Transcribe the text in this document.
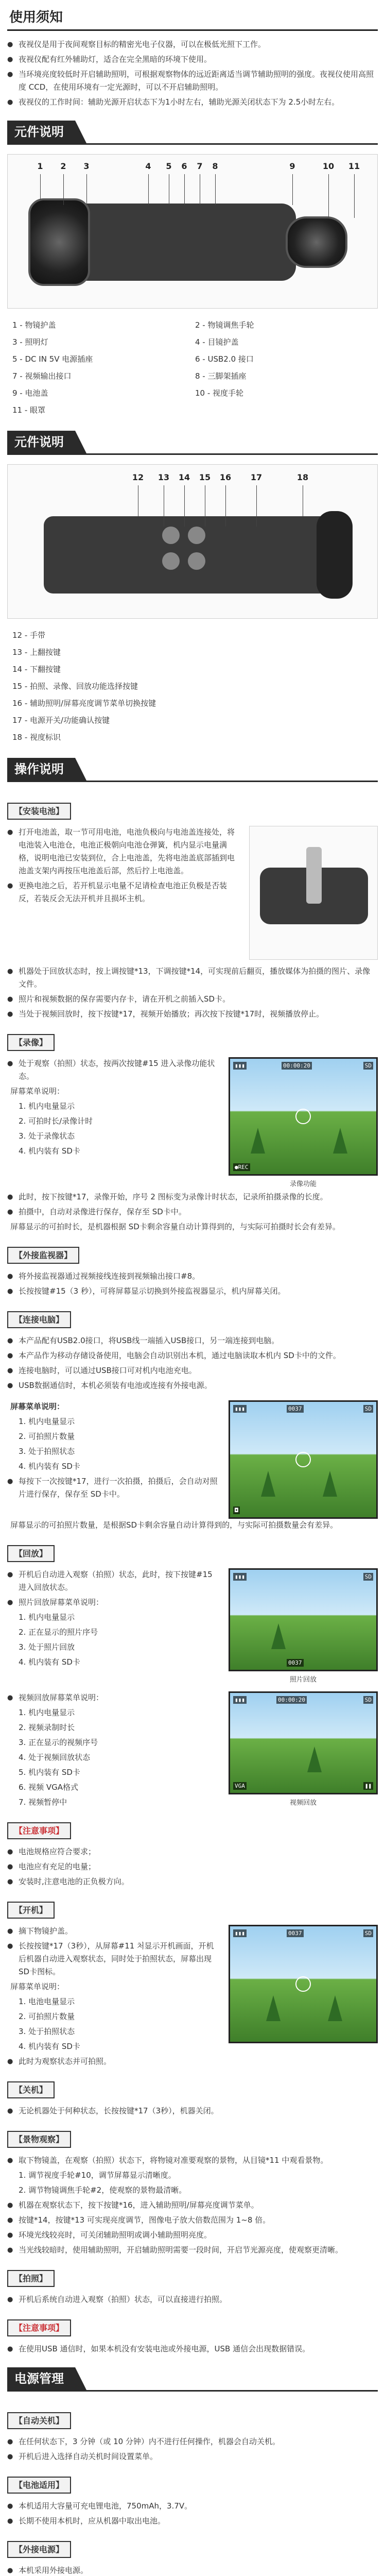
使用须知
● 夜视仪是用于夜间观察目标的精密光电子仪器，可以在极低光照下工作。
● 夜视仪配有红外辅助灯，适合在完全黑暗的环境下使用。
● 当环境亮度较低时开启辅助照明，可根据观察物体的远近距离适当调节辅助照明的强度。夜视仪使用高照度 CCD，在使用环境有一定光源时，可以不开启辅助照明。
● 夜视仪的工作时间：辅助光源开启状态下为1小时左右，辅助光源关闭状态下为 2.5小时左右。
元件说明
1	2	3	4	5	6	7	8	9	10 11
1 - 物镜护盖	2 - 物镜调焦手轮
3 - 照明灯	4 - 目镜护盖
5 - DC IN 5V 电源插座	6 - USB2.0 接口
7 - 视频输出接口	8 - 三脚架插座
9 - 电池盖	10 - 视度手轮
11 - 眼罩
元件说明
12 13 14 15 16 17	18
12 - 手带
13 - 上翻按键
14 - 下翻按键
15 - 拍照、录像、回放功能选择按键
16 - 辅助照明/屏幕亮度调节菜单切换按键
17 - 电源开关/功能确认按键
18 - 视度标识
操作说明
【安装电池】
● 打开电池盖，取一节可用电池，电池负极向与电池盖连接处，将电池装入电池仓，电池正极朝向电池仓弹簧，机内显示电量满格，说明电池已安装到位，合上电池盖，先将电池盖底部插到电池盖支架内再按压电池盖后部，然后拧上电池盖。
● 更换电池之后，若开机显示电量不足请检查电池正负极是否装反，若装反会无法开机并且损坏主机。
● 机器处于回放状态时，按上调按键*13，下调按键*14，可实现前后翻页，播放媒体为拍摄的图片、录像文件。
● 照片和视频数据的保存需要内存卡，请在开机之前插入SD卡。
● 当处于视频回放时，按下按键*17，视频开始播放；再次按下按键*17时，视频播放停止。
【录像】
● 处于观察（拍照）状态，按两次按键#15 进入录像功能状态。
屏幕菜单说明：
1. 机内电量显示
2. 可拍时长/录像计时
3. 处于录像状态
4. 机内装有 SD卡
▮▮▮	00:00:20	SD
●REC
录像功能
● 此时，按下按键*17，录像开始，序号 2 图标变为录像计时状态，记录所拍摄录像的长度。
● 拍摄中，自动对录像进行保存，保存至 SD卡中。
屏幕显示的可拍时长，是机器根据 SD卡剩余容量自动计算得到的，与实际可拍摄时长会有差异。
【外接监视器】
● 将外接监视器通过视频接线连接到视频输出接口#8。
● 长按按键#15（3 秒），可将屏幕显示切换到外接监视器显示，机内屏幕关闭。
【连接电脑】
● 本产品配有USB2.0接口，将USB线一端插入USB接口，另一端连接到电脑。
● 本产品作为移动存储设备使用，电脑会自动识别出本机，通过电脑读取本机内 SD卡中的文件。
● 连接电脑时，可以通过USB接口可对机内电池充电。
● USB数据通信时，本机必须装有电池或连接有外接电源。
屏幕菜单说明：
1. 机内电量显示
2. 可拍照片数量
3. 处于拍照状态
4. 机内装有 SD卡
● 每按下一次按键*17，进行一次拍摄，拍摄后，会自动对照片进行保存，保存至 SD卡中。
▮▮▮	0037	SD
◘
屏幕显示的可拍照片数量，是根据SD卡剩余容量自动计算得到的，与实际可拍摄数量会有差异。
【回放】
● 开机后自动进入观察（拍照）状态，此时，按下按键#15 进入回放状态。
● 照片回放屏幕菜单说明：
1. 机内电量显示
2. 正在显示的照片序号
3. 处于照片回放
4. 机内装有 SD卡
▮▮▮	SD
0037
照片回放
● 视频回放屏幕菜单说明：
1. 机内电量显示
2. 视频录制时长
3. 正在显示的视频序号
4. 处于视频回放状态
5. 机内装有 SD卡
6. 视频 VGA格式
7. 视频暂停中
▮▮▮	00:00:20	SD
VGA	❚❚
视频回放
【注意事项】
● 电池规格应符合要求；
● 电池应有充足的电量；
● 安装时,注意电池的正负极方向。
【开机】
● 摘下物镜护盖。
● 长按按键*17（3秒），从屏幕#11 처显示开机画面，开机后机器自动进入观察状态，同时处于拍照状态，屏幕出现 SD卡图标。
屏幕菜单说明：
1. 电池电量显示
2. 可拍照片数量
3. 处于拍照状态
4. 机内装有 SD卡
● 此时为观察状态并可拍照。
▮▮▮	0037	SD
【关机】
● 无论机器处于何种状态，长按按键*17（3秒），机器关闭。
【景物观察】
● 取下物镜盖，在观察（拍照）状态下，将物镜对准要观察的景物，从目镜*11 中观看景物。
1. 调节视度手轮#10，调节屏幕显示清晰度。
2. 调节物镜调焦手轮#2，使观察的景物最清晰。
● 机器在观察状态下，按下按键*16，进入辅助照明/屏幕亮度调节菜单。
● 按键*14，按键*13 可实现亮度调节，图像电子放大倍数范围为 1~8 倍。
● 环境光线较亮时，可关闭辅助照明或调小辅助照明亮度。
● 当光线较暗时，使用辅助照明，开启辅助照明需要一段时间，开启节光源亮度，使观察更清晰。
【拍照】
● 开机后系统自动进入观察（拍照）状态，可以直接进行拍照。
【注意事项】
● 在使用USB 通信时，如果本机没有安装电池或外接电源，USB 通信会出现数据错误。
电源管理
【自动关机】
● 在任何状态下，3 分钟（或 10 分钟）内不进行任何操作，机器会自动关机。
● 开机后进入选择自动关机时间设置菜单。
【电池适用】
● 本机适用大容量可充电锂电池，750mAh，3.7V。
● 长期不使用本机时，应从机器中取出电池。
【外接电源】
● 本机采用外接电源。
